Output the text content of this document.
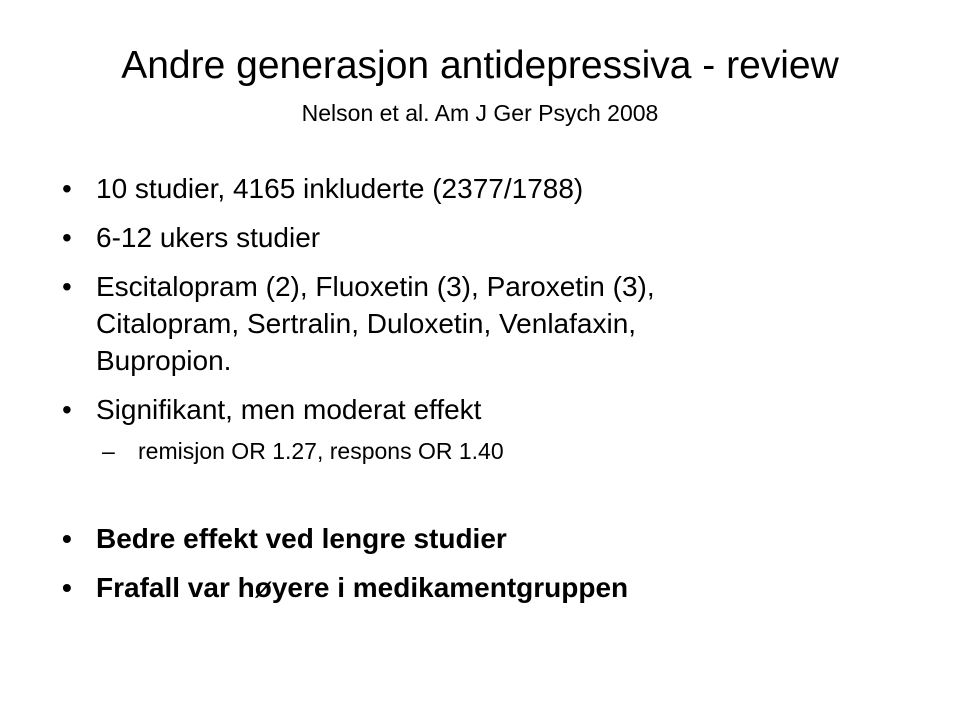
Andre generasjon antidepressiva - review
Nelson et al. Am J Ger Psych 2008
• 10 studier, 4165 inkluderte (2377/1788)
• 6-12 ukers studier
• Escitalopram (2), Fluoxetin (3), Paroxetin (3),
Citalopram, Sertralin, Duloxetin, Venlafaxin,
Bupropion.
• Signifikant, men moderat effekt
– remisjon OR 1.27, respons OR 1.40
• Bedre effekt ved lengre studier
• Frafall var høyere i medikamentgruppen
